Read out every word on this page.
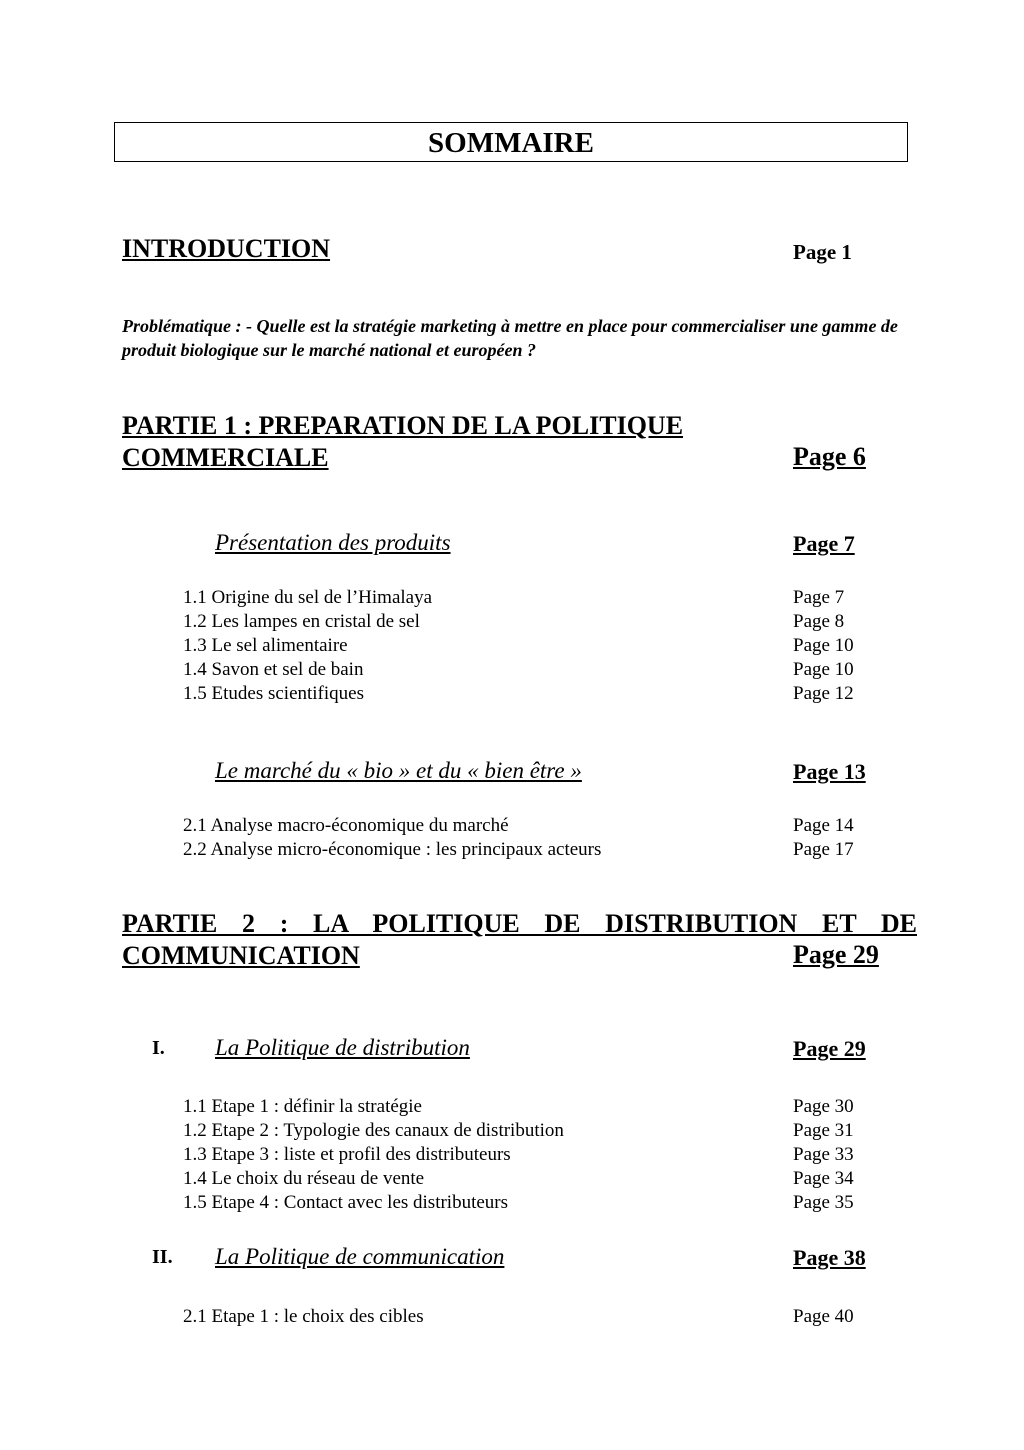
SOMMAIRE
INTRODUCTION	Page 1
Problématique : - Quelle est la stratégie marketing à mettre en place pour commercialiser une gamme de produit biologique sur le marché national et européen ?
PARTIE 1 : PREPARATION DE LA POLITIQUE
COMMERCIALE	Page 6
Présentation des produits	Page 7
1.1 Origine du sel de l’Himalaya	Page 7
1.2 Les lampes en cristal de sel	Page 8
1.3 Le sel alimentaire	Page 10
1.4 Savon et sel de bain	Page 10
1.5 Etudes scientifiques	Page 12
Le marché du « bio » et du « bien être »	Page 13
2.1 Analyse macro-économique du marché	Page 14
2.2 Analyse micro-économique : les principaux acteurs	Page 17
PARTIE 2 : LA POLITIQUE DE DISTRIBUTION ET DE
COMMUNICATION	Page 29
I. La Politique de distribution	Page 29
1.1 Etape 1 : définir la stratégie	Page 30
1.2 Etape 2 : Typologie des canaux de distribution	Page 31
1.3 Etape 3 : liste et profil des distributeurs	Page 33
1.4 Le choix du réseau de vente	Page 34
1.5 Etape 4 : Contact avec les distributeurs	Page 35
II. La Politique de communication	Page 38
2.1 Etape 1 : le choix des cibles	Page 40
